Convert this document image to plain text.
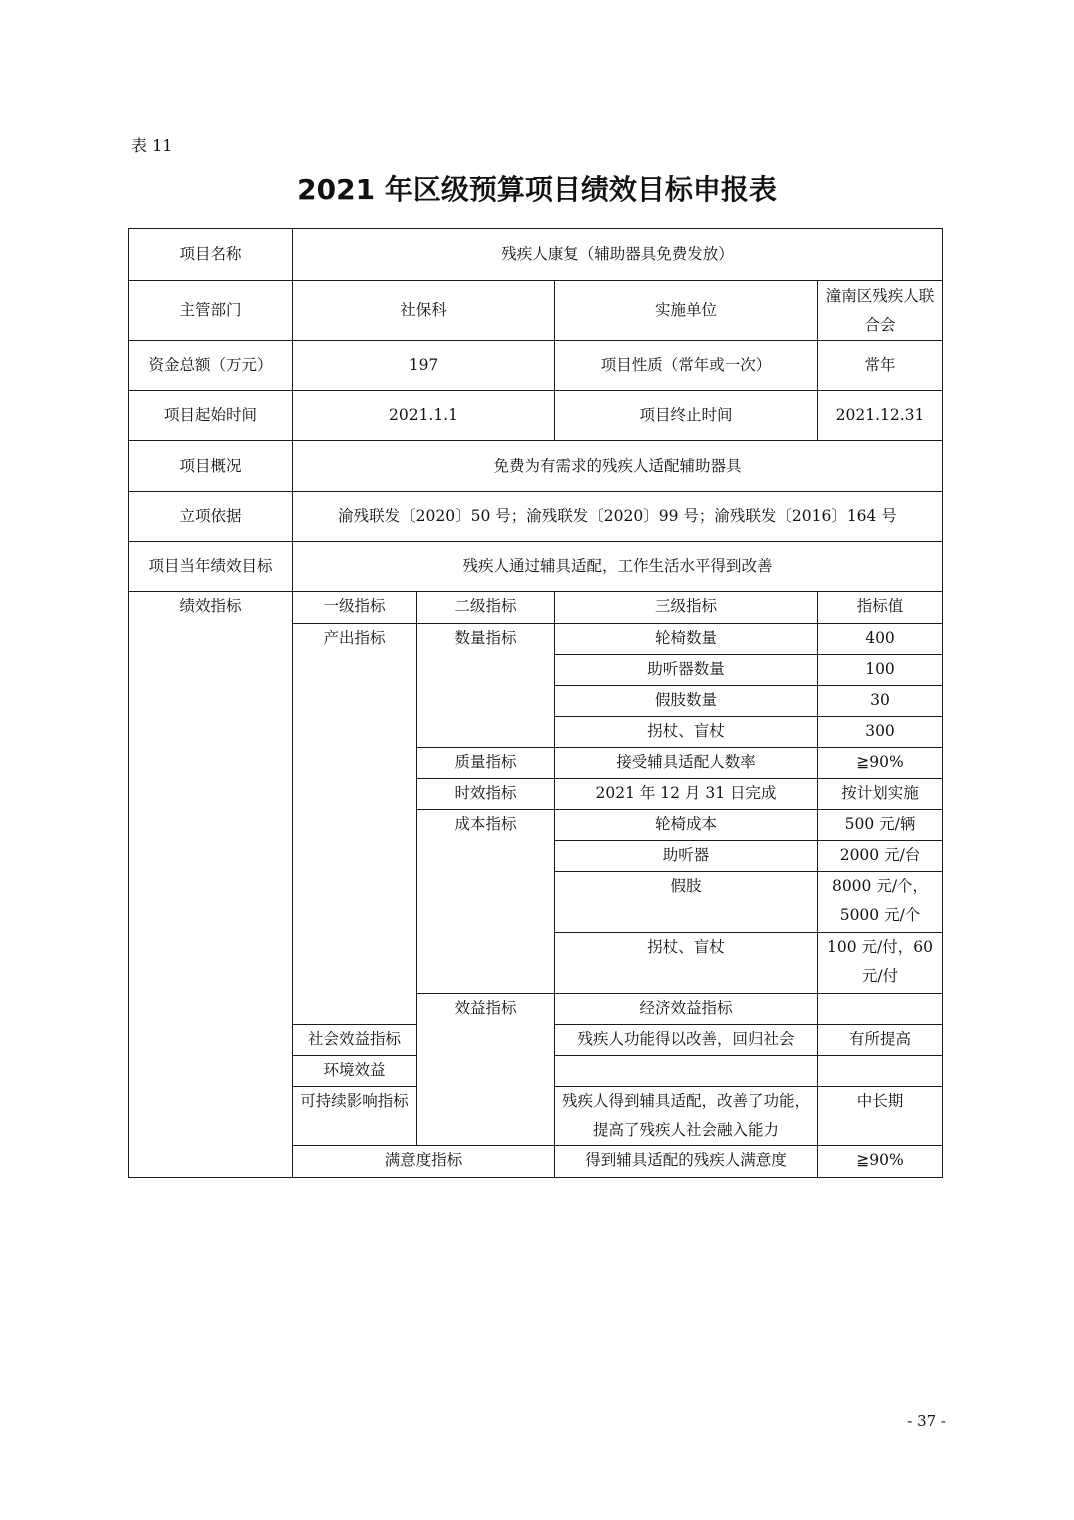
表 11
2021 年区级预算项目绩效目标申报表
项目名称	残疾人康复（辅助器具免费发放）				
主管部门	社保科		实施单位	潼南区残疾人联合会	
资金总额（万元）	197		项目性质（常年或一次）	常年	
项目起始时间	2021.1.1		项目终止时间	2021.12.31	
项目概况	免费为有需求的残疾人适配辅助器具				
立项依据	渝残联发〔2020〕50 号；渝残联发〔2020〕99 号；渝残联发〔2016〕164 号				
项目当年绩效目标	残疾人通过辅具适配，工作生活水平得到改善				
绩效指标	一级指标	二级指标	三级指标	指标值	
	产出指标	数量指标	轮椅数量	400	
			助听器数量	100	
			假肢数量	30	
			拐杖、盲杖	300	
		质量指标	接受辅具适配人数率	≧90%	
		时效指标	2021 年 12 月 31 日完成	按计划实施	
		成本指标	轮椅成本	500 元/辆	
			助听器	2000 元/台	
			假肢	8000 元/个，5000 元/个	
			拐杖、盲杖	100 元/付，60 元/付	
		效益指标	经济效益指标		
	社会效益指标		残疾人功能得以改善，回归社会	有所提高	
	环境效益				
	可持续影响指标		残疾人得到辅具适配，改善了功能，提高了残疾人社会融入能力	中长期	
	满意度指标		得到辅具适配的残疾人满意度	≧90%	
- 37 -
